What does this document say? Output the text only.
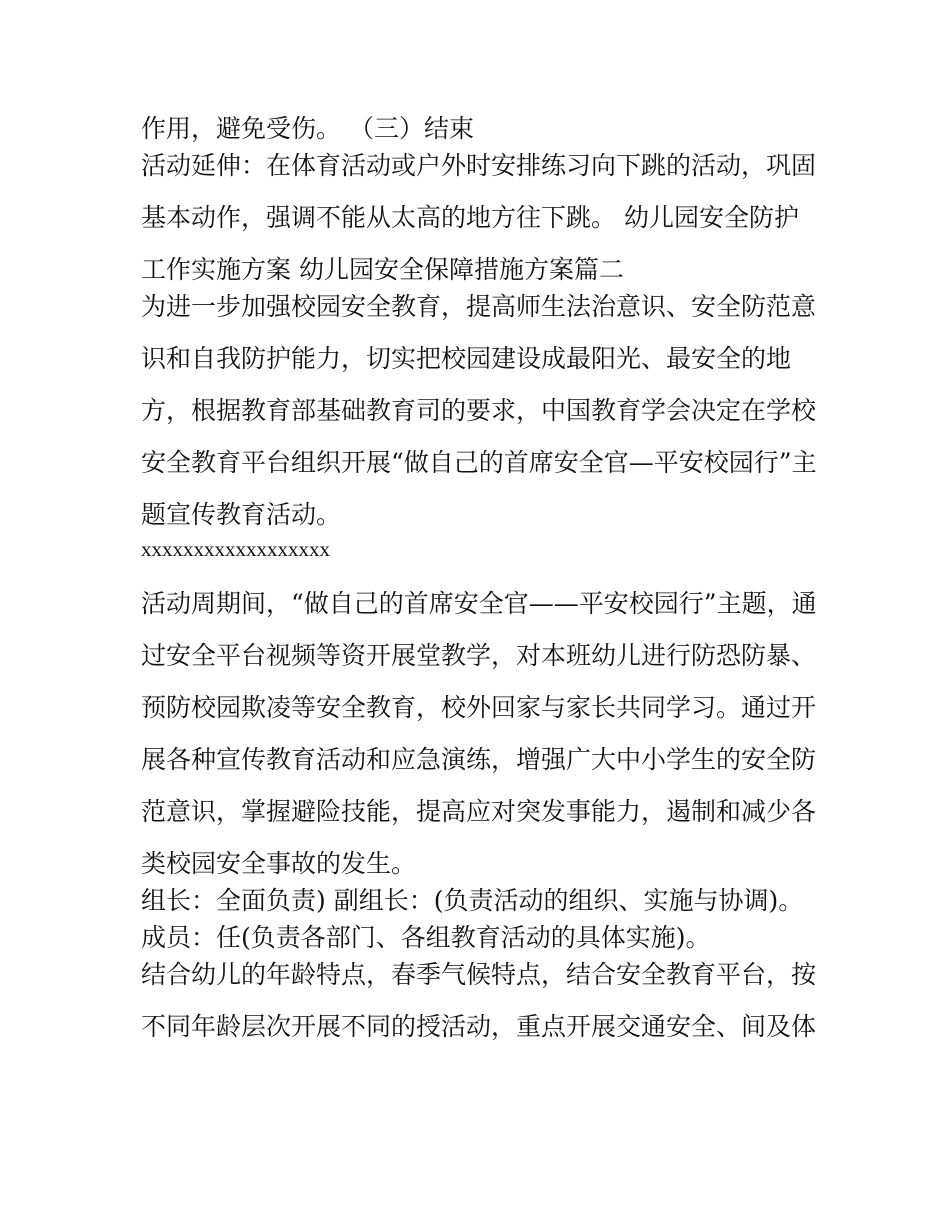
作用，避免受伤。 （三）结束

活动延伸：在体育活动或户外时安排练习向下跳的活动，巩固
基本动作，强调不能从太高的地方往下跳。 幼儿园安全防护
工作实施方案 幼儿园安全保障措施方案篇二

为进一步加强校园安全教育，提高师生法治意识、安全防范意
识和自我防护能力，切实把校园建设成最阳光、最安全的地
方，根据教育部基础教育司的要求，中国教育学会决定在学校
安全教育平台组织开展“做自己的首席安全官—平安校园行”主
题宣传教育活动。

xxxxxxxxxxxxxxxxxx

活动周期间，“做自己的首席安全官——平安校园行”主题，通
过安全平台视频等资开展堂教学，对本班幼儿进行防恐防暴、
预防校园欺凌等安全教育，校外回家与家长共同学习。通过开
展各种宣传教育活动和应急演练，增强广大中小学生的安全防
范意识，掌握避险技能，提高应对突发事能力，遏制和减少各
类校园安全事故的发生。

组长：全面负责) 副组长：(负责活动的组织、实施与协调)。

成员：任(负责各部门、各组教育活动的具体实施)。

结合幼儿的年龄特点，春季气候特点，结合安全教育平台，按
不同年龄层次开展不同的授活动，重点开展交通安全、间及体
